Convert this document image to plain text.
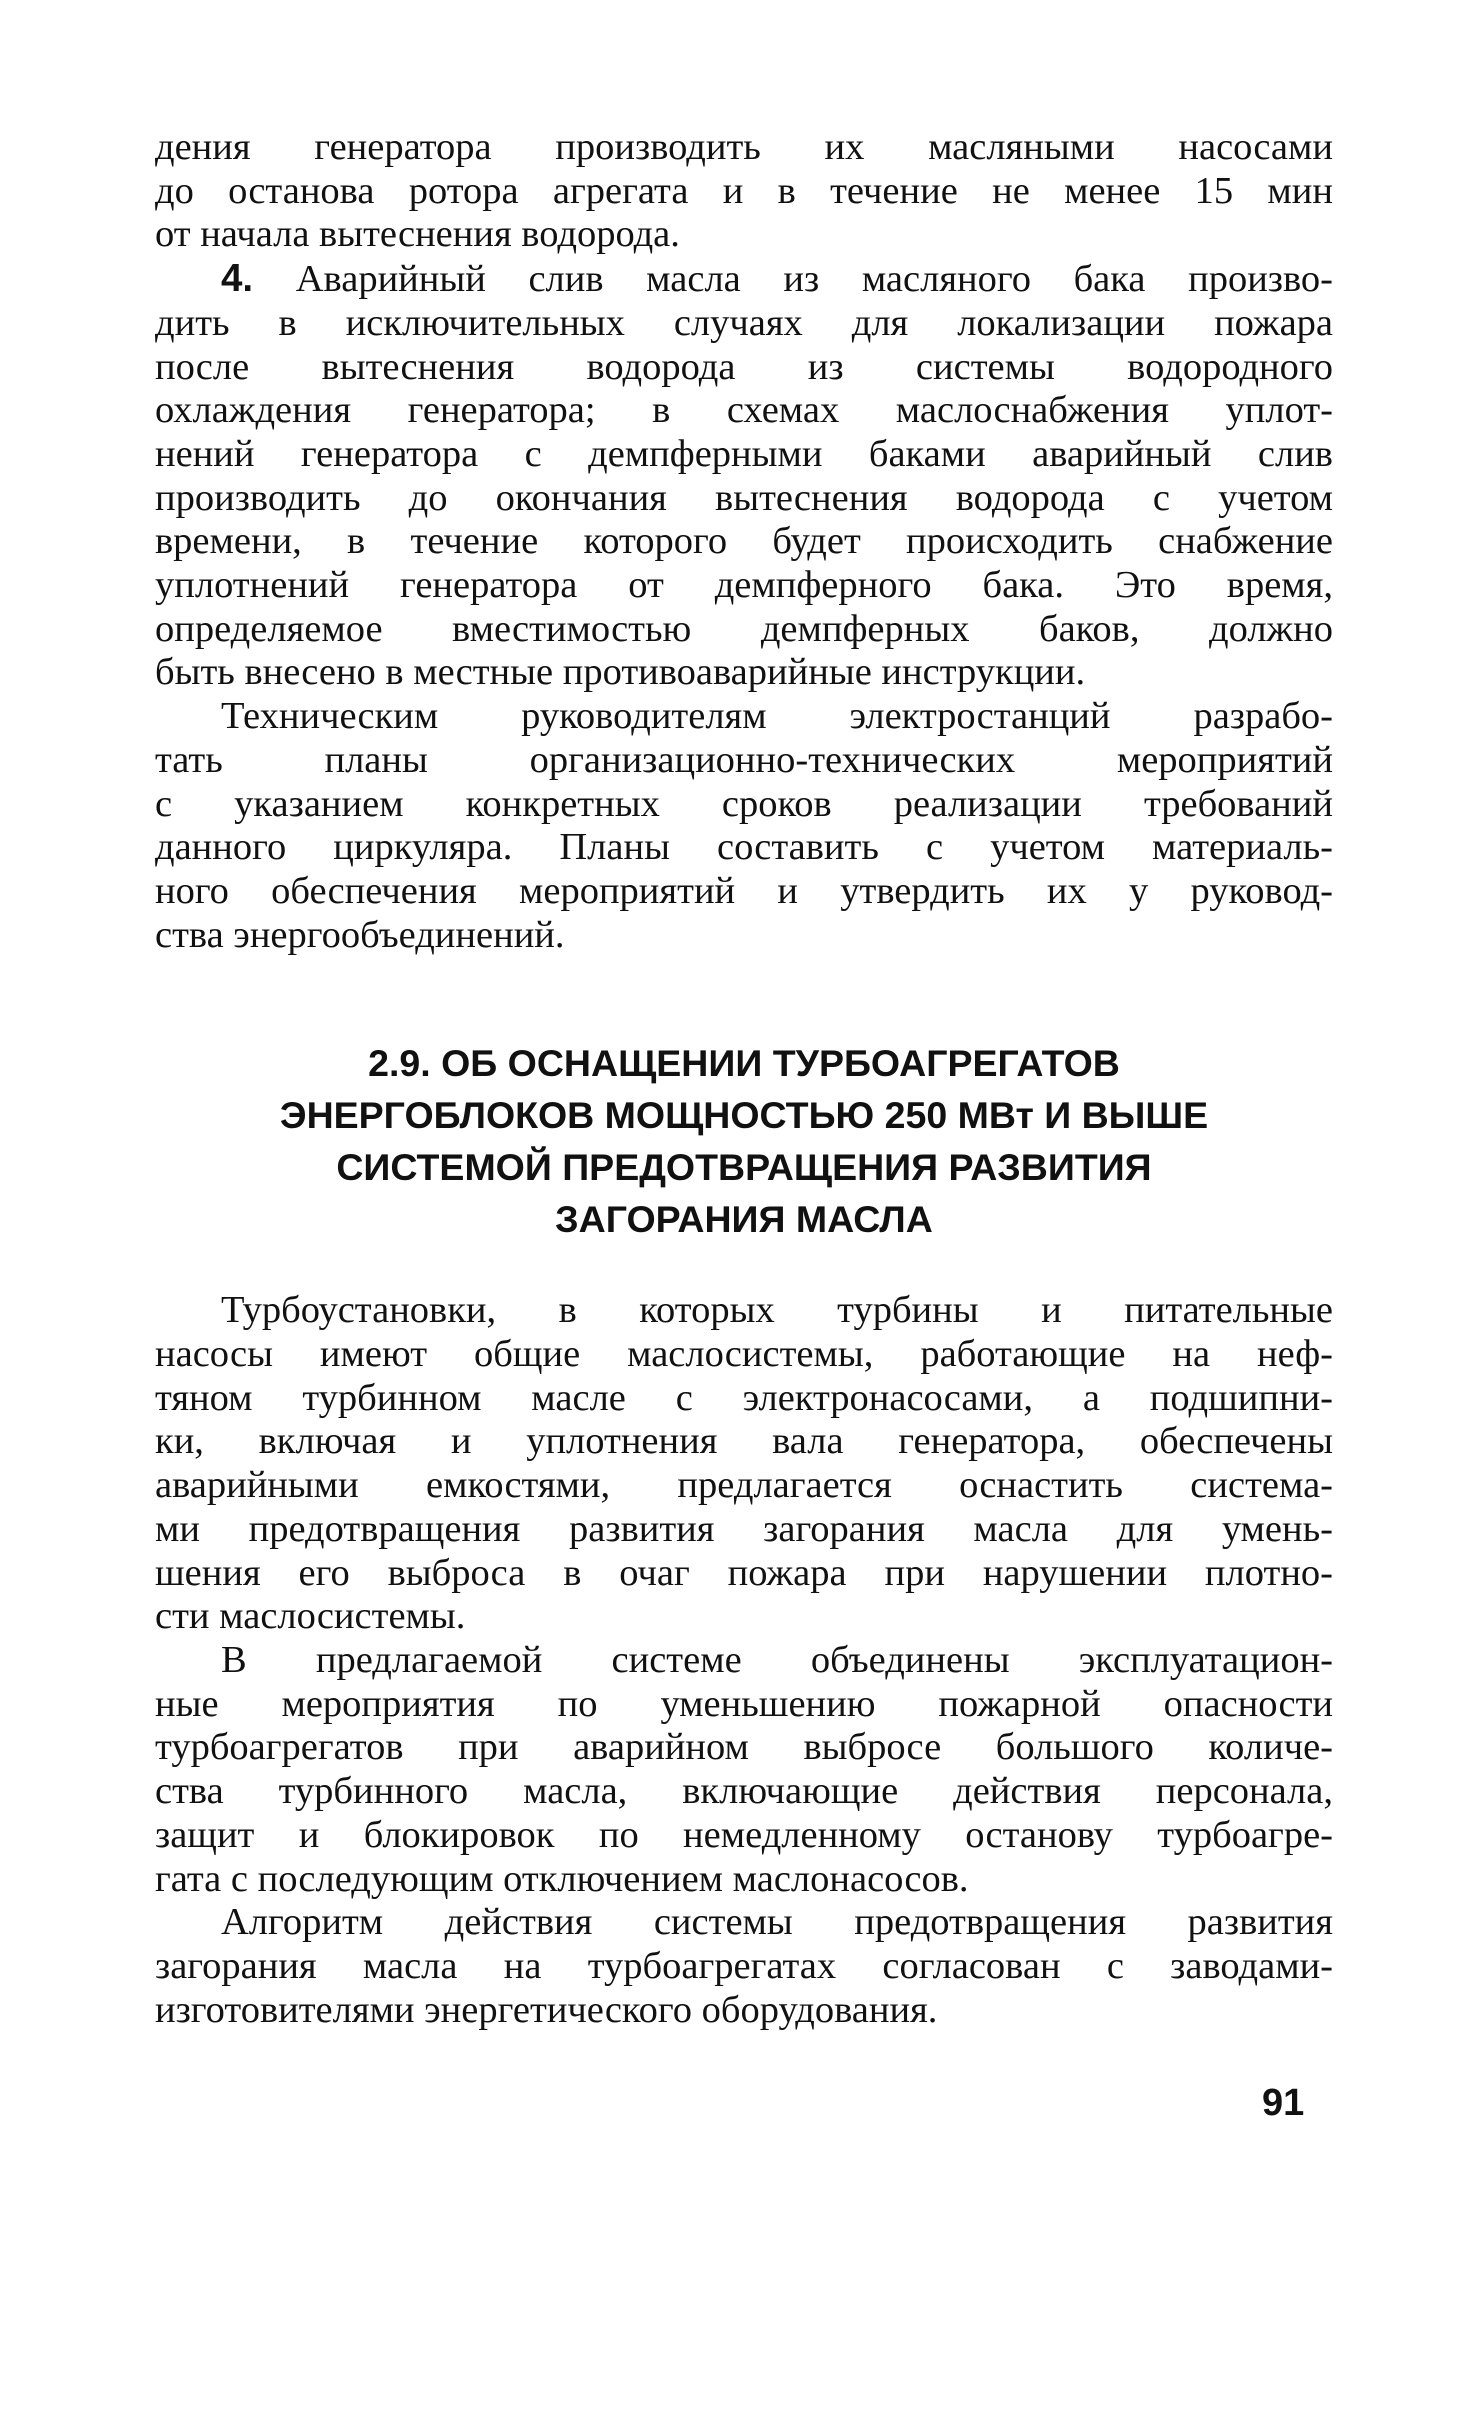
дения генератора производить их масляными насосами
до останова ротора агрегата и в течение не менее 15 мин
от начала вытеснения водорода.
4. Аварийный слив масла из масляного бака произво-
дить в исключительных случаях для локализации пожара
после вытеснения водорода из системы водородного
охлаждения генератора; в схемах маслоснабжения уплот-
нений генератора с демпферными баками аварийный слив
производить до окончания вытеснения водорода с учетом
времени, в течение которого будет происходить снабжение
уплотнений генератора от демпферного бака. Это время,
определяемое вместимостью демпферных баков, должно
быть внесено в местные противоаварийные инструкции.
Техническим руководителям электростанций разрабо-
тать планы организационно-технических мероприятий
с указанием конкретных сроков реализации требований
данного циркуляра. Планы составить с учетом материаль-
ного обеспечения мероприятий и утвердить их у руковод-
ства энергообъединений.
2.9. ОБ ОСНАЩЕНИИ ТУРБОАГРЕГАТОВ
ЭНЕРГОБЛОКОВ МОЩНОСТЬЮ 250 МВт И ВЫШЕ
СИСТЕМОЙ ПРЕДОТВРАЩЕНИЯ РАЗВИТИЯ
ЗАГОРАНИЯ МАСЛА
Турбоустановки, в которых турбины и питательные
насосы имеют общие маслосистемы, работающие на неф-
тяном турбинном масле с электронасосами, а подшипни-
ки, включая и уплотнения вала генератора, обеспечены
аварийными емкостями, предлагается оснастить система-
ми предотвращения развития загорания масла для умень-
шения его выброса в очаг пожара при нарушении плотно-
сти маслосистемы.
В предлагаемой системе объединены эксплуатацион-
ные мероприятия по уменьшению пожарной опасности
турбоагрегатов при аварийном выбросе большого количе-
ства турбинного масла, включающие действия персонала,
защит и блокировок по немедленному останову турбоагре-
гата с последующим отключением маслонасосов.
Алгоритм действия системы предотвращения развития
загорания масла на турбоагрегатах согласован с заводами-
изготовителями энергетического оборудования.
91
